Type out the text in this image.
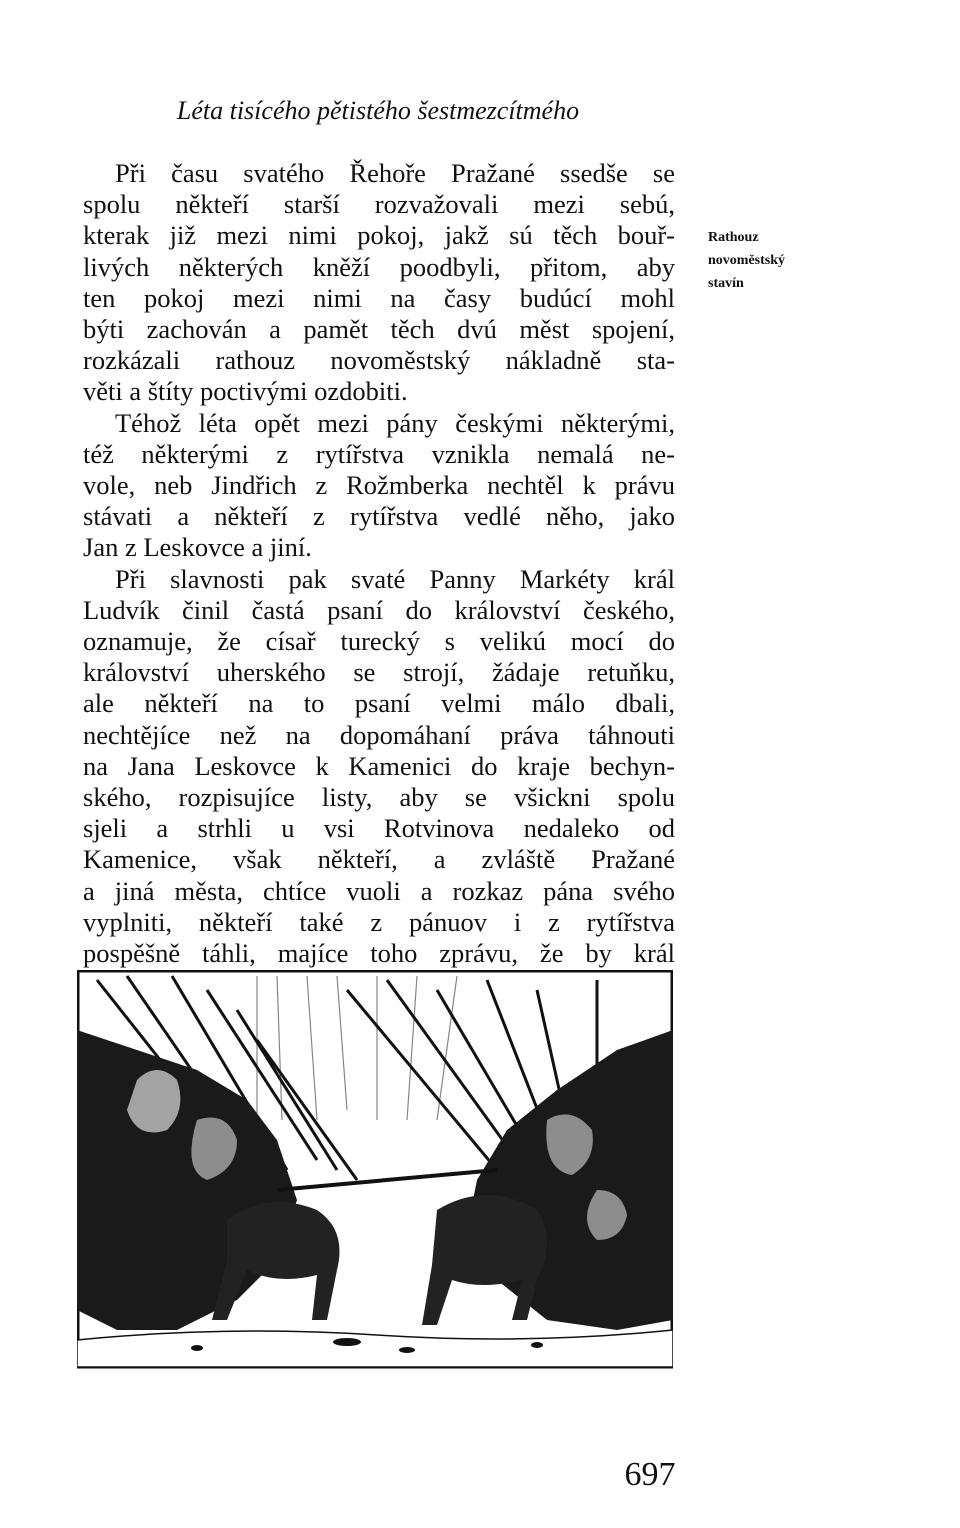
Léta tisícého pětistého šestmezcítmého
Při času svatého Řehoře Pražané ssedše se
spolu někteří starší rozvažovali mezi sebú,
kterak již mezi nimi pokoj, jakž sú těch bouř-
livých některých kněží poodbyli, přitom, aby
ten pokoj mezi nimi na časy budúcí mohl
býti zachován a pamět těch dvú měst spojení,
rozkázali rathouz novoměstský nákladně sta-
věti a štíty poctivými ozdobiti.
Téhož léta opět mezi pány českými některými,
též některými z rytířstva vznikla nemalá ne-
vole, neb Jindřich z Rožmberka nechtěl k právu
stávati a někteří z rytířstva vedlé něho, jako
Jan z Leskovce a jiní.
Při slavnosti pak svaté Panny Markéty král
Ludvík činil častá psaní do království českého,
oznamuje, že císař turecký s velikú mocí do
království uherského se strojí, žádaje retuňku,
ale někteří na to psaní velmi málo dbali,
nechtějíce než na dopomáhaní práva táhnouti
na Jana Leskovce k Kamenici do kraje bechyn-
ského, rozpisujíce listy, aby se všickni spolu
sjeli a strhli u vsi Rotvinova nedaleko od
Kamenice, však někteří, a zvláště Pražané
a jiná města, chtíce vuoli a rozkaz pána svého
vyplniti, někteří také z pánuov i z rytířstva
pospěšně táhli, majíce toho zprávu, že by král
Rathouz
novoměstský
stavín
697
